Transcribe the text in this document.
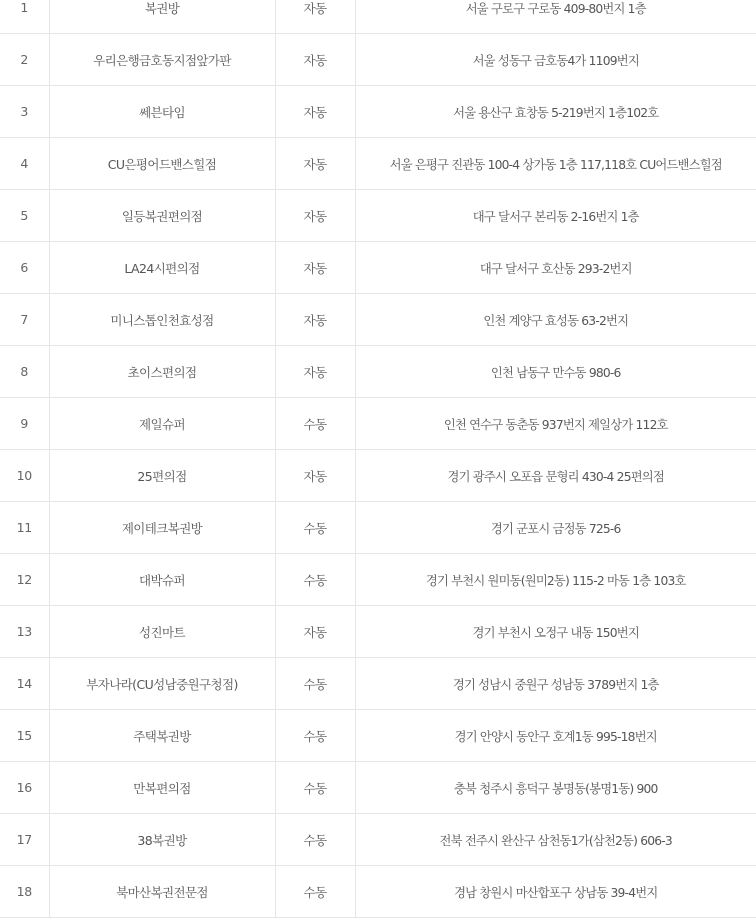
1	복권방	자동	서울 구로구 구로동 409-80번지 1층
2	우리은행금호동지점앞가판	자동	서울 성동구 금호동4가 1109번지
3	쎄븐타임	자동	서울 용산구 효창동 5-219번지 1층102호
4	CU은평어드밴스힐점	자동	서울 은평구 진관동 100-4 상가동 1층 117,118호 CU어드밴스힐점
5	일등복권편의점	자동	대구 달서구 본리동 2-16번지 1층
6	LA24시편의점	자동	대구 달서구 호산동 293-2번지
7	미니스톱인천효성점	자동	인천 계양구 효성동 63-2번지
8	초이스편의점	자동	인천 남동구 만수동 980-6
9	제일슈퍼	수동	인천 연수구 동춘동 937번지 제일상가 112호
10	25편의점	자동	경기 광주시 오포읍 문형리 430-4 25편의점
11	제이테크복권방	수동	경기 군포시 금정동 725-6
12	대박슈퍼	수동	경기 부천시 원미동(원미2동) 115-2 마동 1층 103호
13	성진마트	자동	경기 부천시 오정구 내동 150번지
14	부자나라(CU성남중원구청점)	수동	경기 성남시 중원구 성남동 3789번지 1층
15	주택복권방	수동	경기 안양시 동안구 호계1동 995-18번지
16	만복편의점	수동	충북 청주시 흥덕구 봉명동(봉명1동) 900
17	38복권방	수동	전북 전주시 완산구 삼천동1가(삼천2동) 606-3
18	북마산복권전문점	수동	경남 창원시 마산합포구 상남동 39-4번지
